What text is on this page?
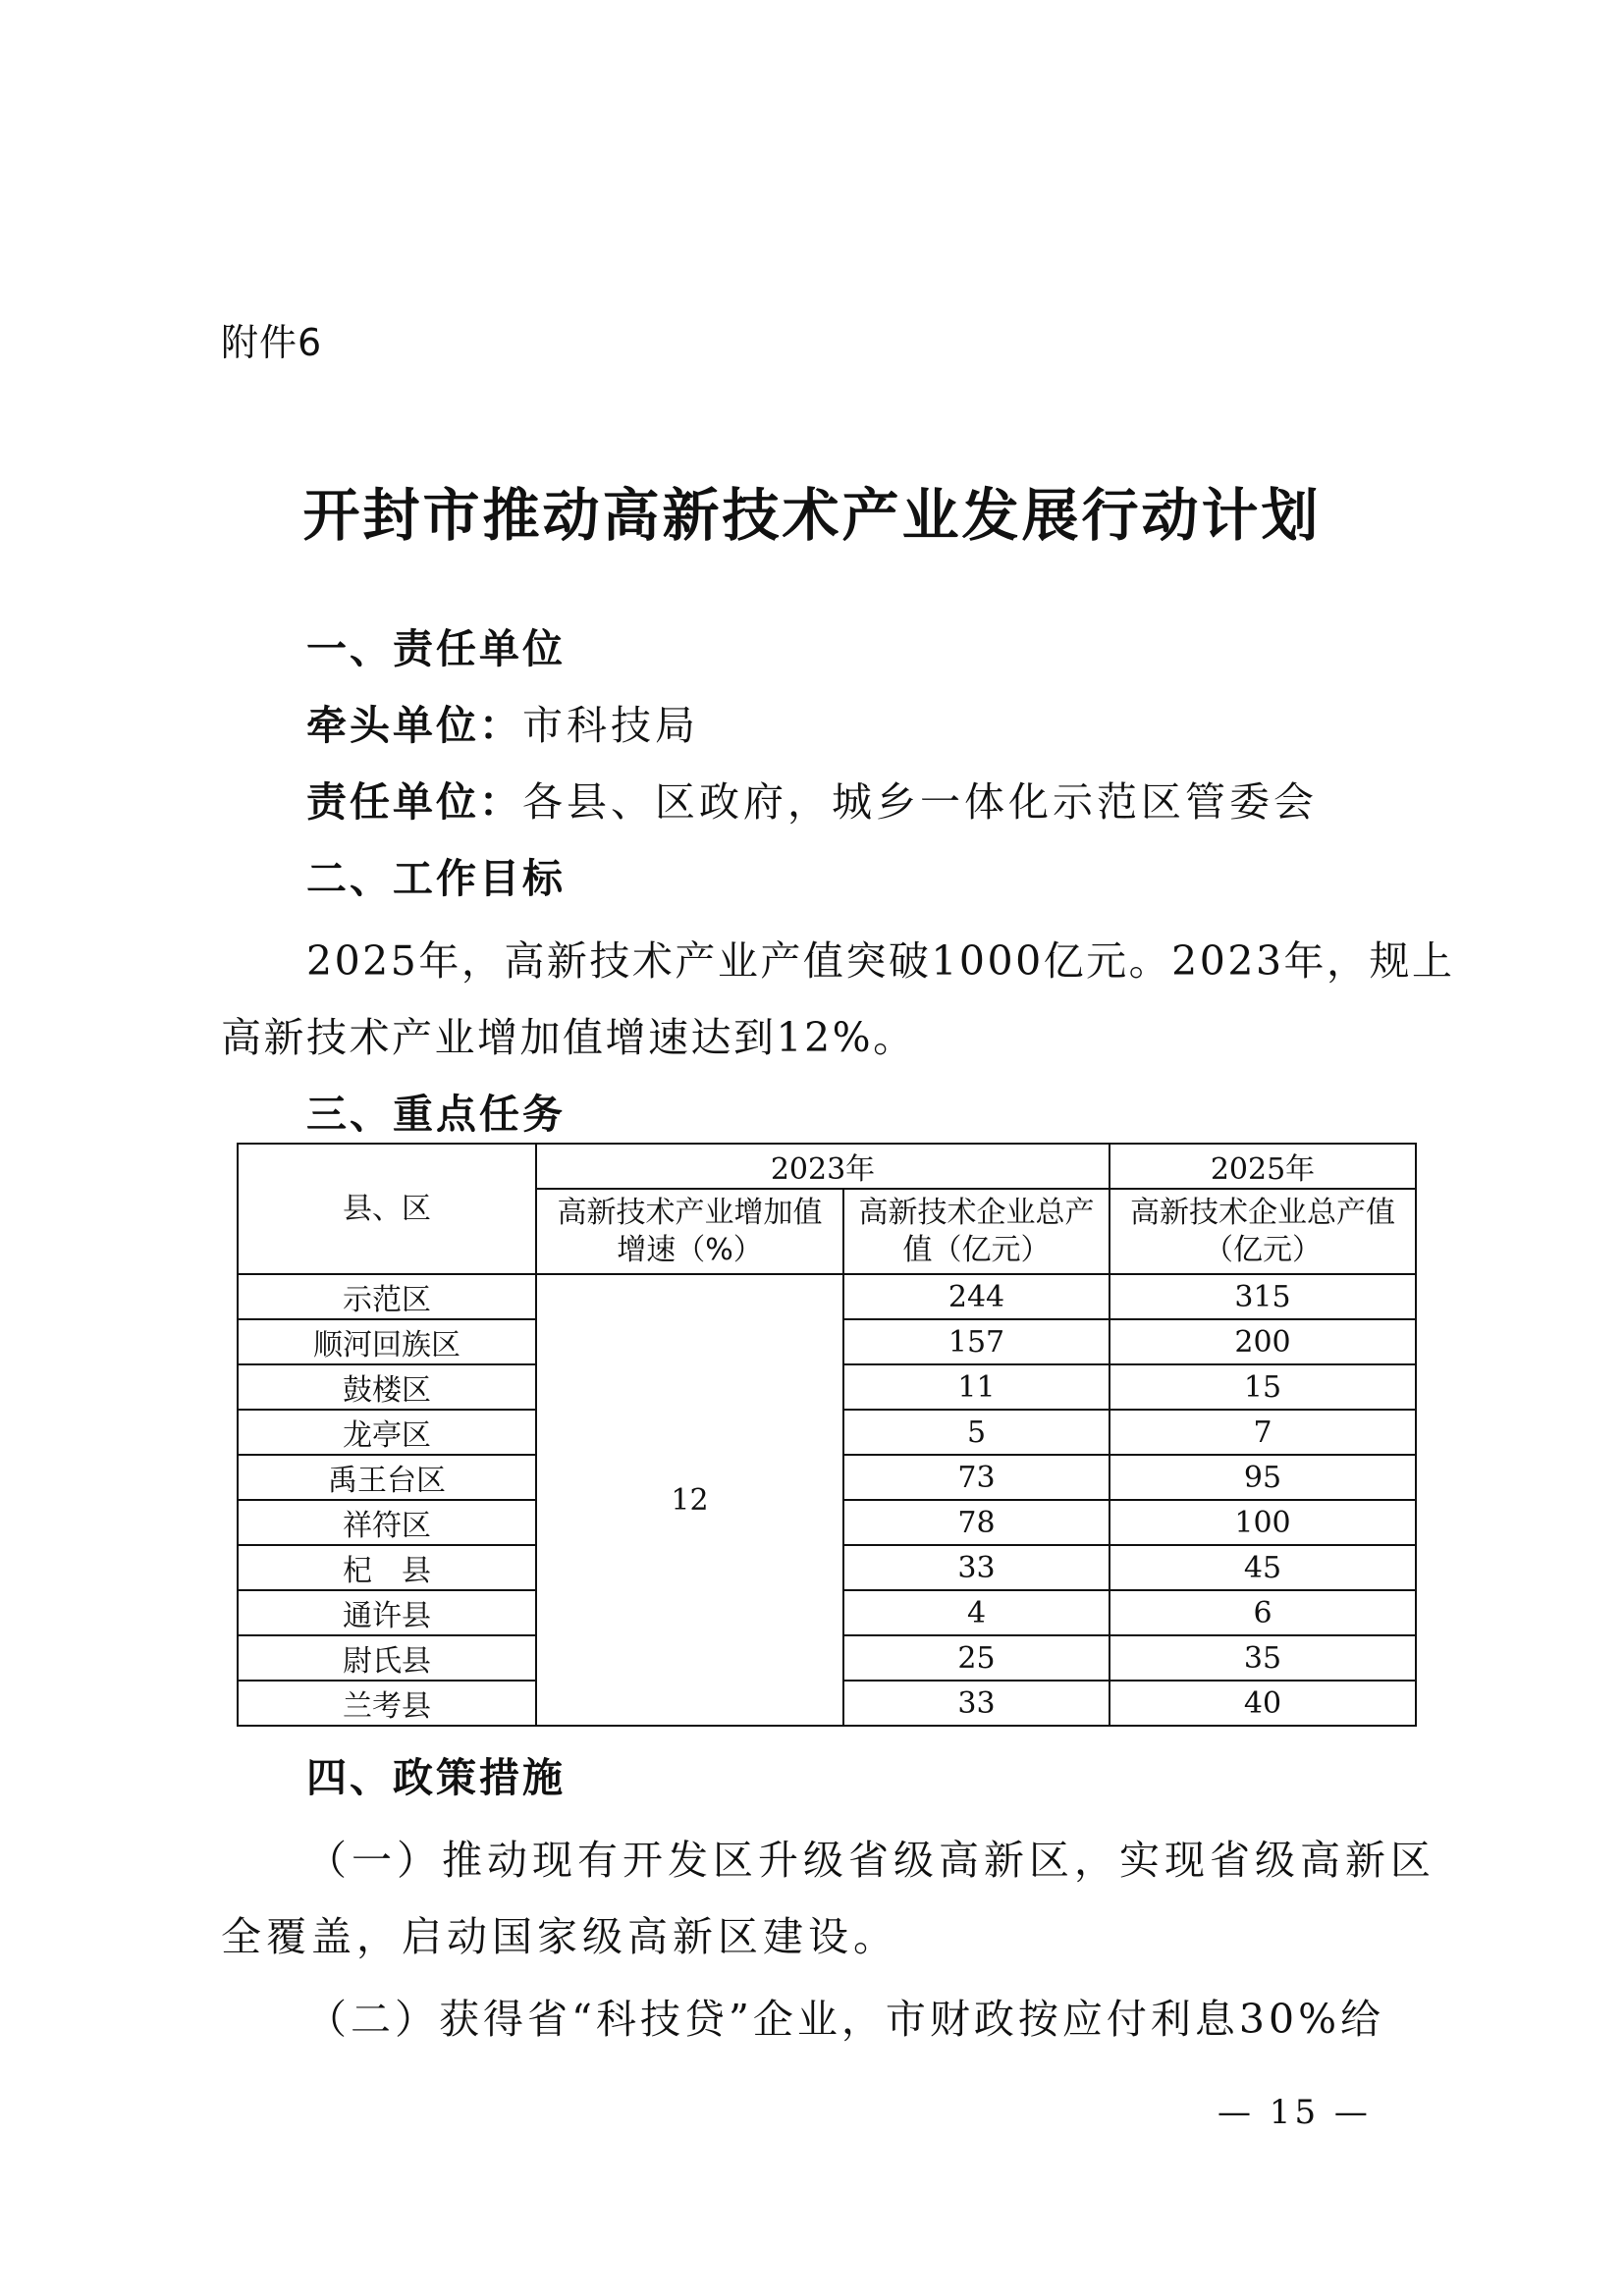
附件6
开封市推动高新技术产业发展行动计划
一、责任单位
牵头单位：市科技局
责任单位：各县、区政府，城乡一体化示范区管委会
二、工作目标
2025年，高新技术产业产值突破1000亿元。2023年，规上
高新技术产业增加值增速达到12%。
三、重点任务
县、区	2023年		2025年
	高新技术产业增加值增速（%）	高新技术企业总产值（亿元）	高新技术企业总产值（亿元）
示范区	12	244	315
顺河回族区		157	200
鼓楼区		11	15
龙亭区		5	7
禹王台区		73	95
祥符区		78	100
杞　县		33	45
通许县		4	6
尉氏县		25	35
兰考县		33	40
四、政策措施
（一）推动现有开发区升级省级高新区，实现省级高新区
全覆盖，启动国家级高新区建设。
（二）获得省“科技贷”企业，市财政按应付利息30%给
— 15 —
